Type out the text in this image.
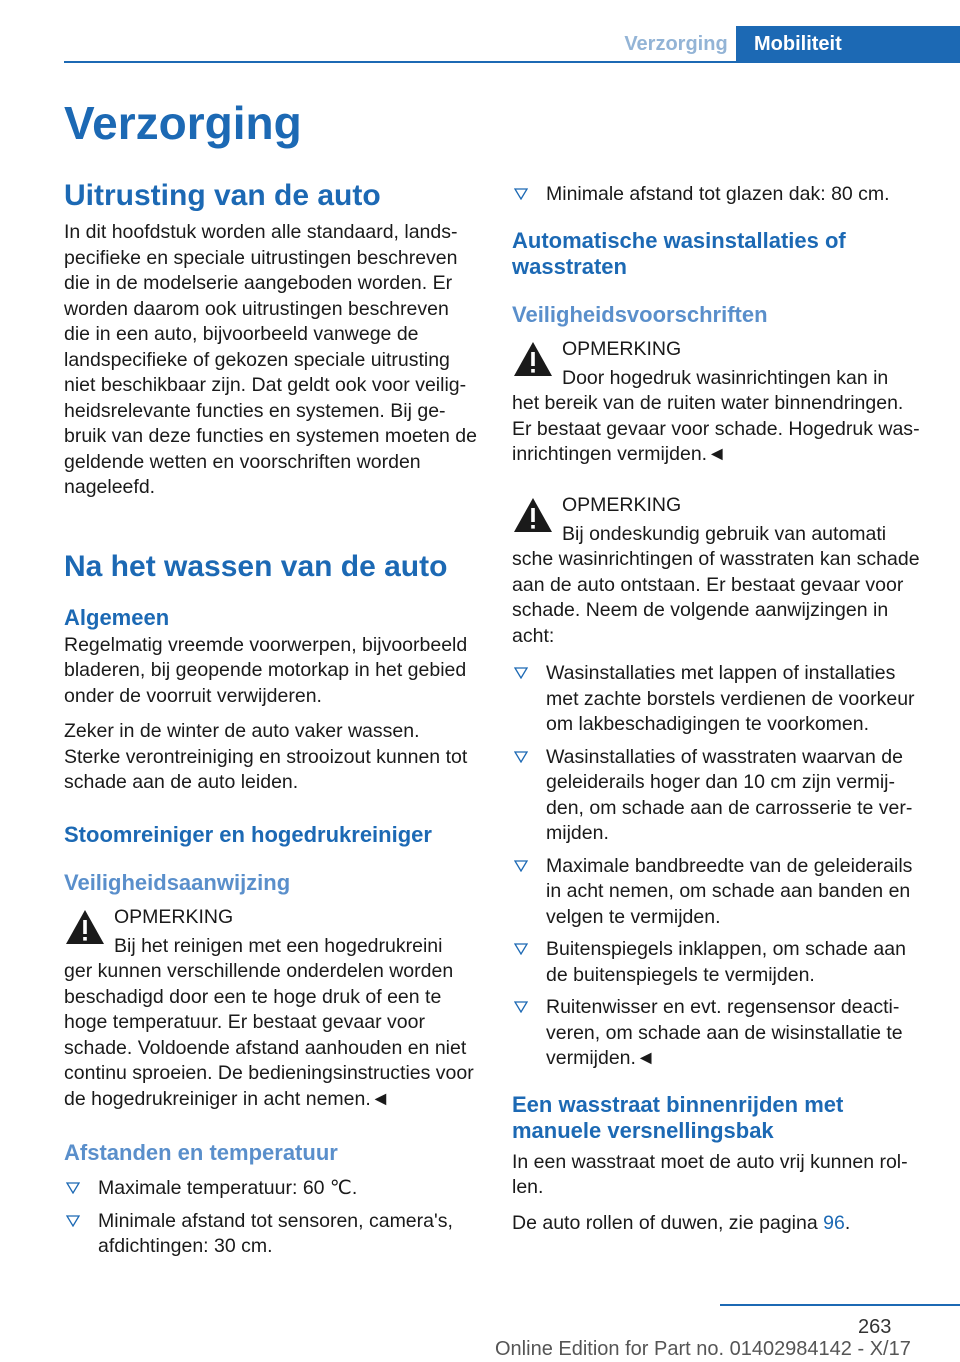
Verzorging	Mobiliteit
Verzorging
Uitrusting van de auto

In dit hoofdstuk worden alle standaard, landspecifieke en speciale uitrustingen beschreven die in de modelserie aangeboden worden. Er worden daarom ook uitrustingen beschreven die in een auto, bijvoorbeeld vanwege de landspecifieke of gekozen speciale uitrusting niet beschikbaar zijn. Dat geldt ook voor veiligheidsrelevante functies en systemen. Bij gebruik van deze functies en systemen moeten de geldende wetten en voorschriften worden nageleefd.

Na het wassen van de auto
Algemeen

Regelmatig vreemde voorwerpen, bijvoorbeeld bladeren, bij geopende motorkap in het gebied onder de voorruit verwijderen.

Zeker in de winter de auto vaker wassen. Sterke verontreiniging en strooizout kunnen tot schade aan de auto leiden.

Stoomreiniger en hogedrukreiniger
Veiligheidsaanwijzing
OPMERKING
Bij het reinigen met een hogedrukreini
ger kunnen verschillende onderdelen worden beschadigd door een te hoge druk of een te hoge temperatuur. Er bestaat gevaar voor schade. Voldoende afstand aanhouden en niet continu sproeien. De bedieningsinstructies voor de hogedrukreiniger in acht nemen.◄
Afstanden en temperatuur
Maximale temperatuur: 60 ℃.
Minimale afstand tot sensoren, camera's, afdichtingen: 30 cm.
Minimale afstand tot glazen dak: 80 cm.
Automatische wasinstallaties of wasstraten
Veiligheidsvoorschriften
OPMERKING
Door hogedruk wasinrichtingen kan in
het bereik van de ruiten water binnendringen. Er bestaat gevaar voor schade. Hogedruk wasinrichtingen vermijden.◄
OPMERKING
Bij ondeskundig gebruik van automati
sche wasinrichtingen of wasstraten kan schade aan de auto ontstaan. Er bestaat gevaar voor schade. Neem de volgende aanwijzingen in acht:
Wasinstallaties met lappen of installaties met zachte borstels verdienen de voorkeur om lakbeschadigingen te voorkomen.
Wasinstallaties of wasstraten waarvan de geleiderails hoger dan 10 cm zijn vermijden, om schade aan de carrosserie te vermijden.
Maximale bandbreedte van de geleiderails in acht nemen, om schade aan banden en velgen te vermijden.
Buitenspiegels inklappen, om schade aan de buitenspiegels te vermijden.
Ruitenwisser en evt. regensensor deactiveren, om schade aan de wisinstallatie te vermijden.◄
Een wasstraat binnenrijden met manuele versnellingsbak

In een wasstraat moet de auto vrij kunnen rollen.

De auto rollen of duwen, zie pagina 96.

263
Online Edition for Part no. 01402984142 - X/17
